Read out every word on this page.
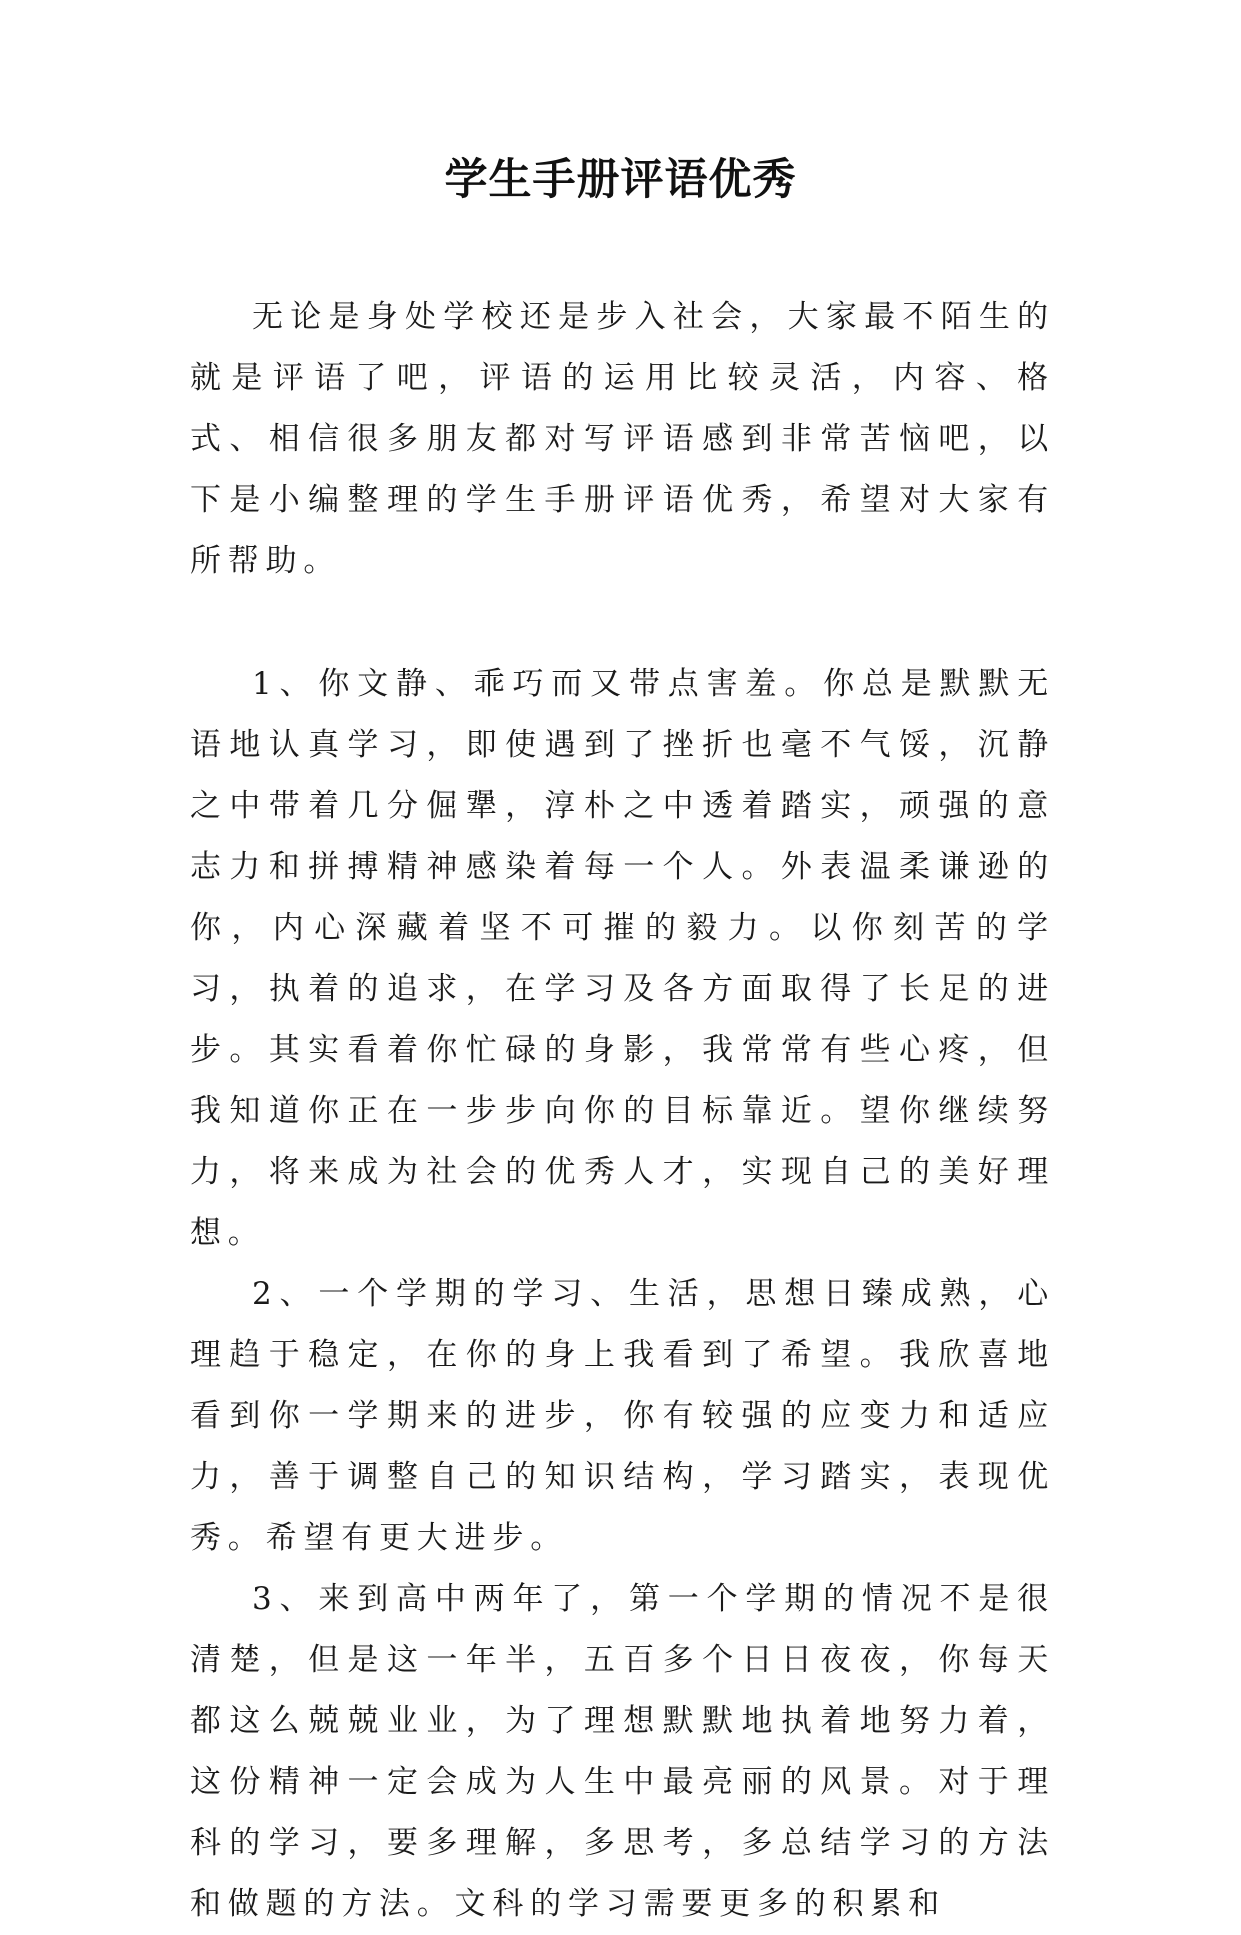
学生手册评语优秀

无论是身处学校还是步入社会，大家最不陌生的就是评语了吧，评语的运用比较灵活，内容、格式、相信很多朋友都对写评语感到非常苦恼吧，以下是小编整理的学生手册评语优秀，希望对大家有所帮助。

1、你文静、乖巧而又带点害羞。你总是默默无语地认真学习，即使遇到了挫折也毫不气馁，沉静之中带着几分倔犟，淳朴之中透着踏实，顽强的意志力和拼搏精神感染着每一个人。外表温柔谦逊的你，内心深藏着坚不可摧的毅力。以你刻苦的学习，执着的追求，在学习及各方面取得了长足的进步。其实看着你忙碌的身影，我常常有些心疼，但我知道你正在一步步向你的目标靠近。望你继续努力，将来成为社会的优秀人才，实现自己的美好理想。

2、一个学期的学习、生活，思想日臻成熟，心理趋于稳定，在你的身上我看到了希望。我欣喜地看到你一学期来的进步，你有较强的应变力和适应力，善于调整自己的知识结构，学习踏实，表现优秀。希望有更大进步。

3、来到高中两年了，第一个学期的情况不是很清楚，但是这一年半，五百多个日日夜夜，你每天都这么兢兢业业，为了理想默默地执着地努力着，这份精神一定会成为人生中最亮丽的风景。对于理科的学习，要多理解，多思考，多总结学习的方法和做题的方法。文科的学习需要更多的积累和
